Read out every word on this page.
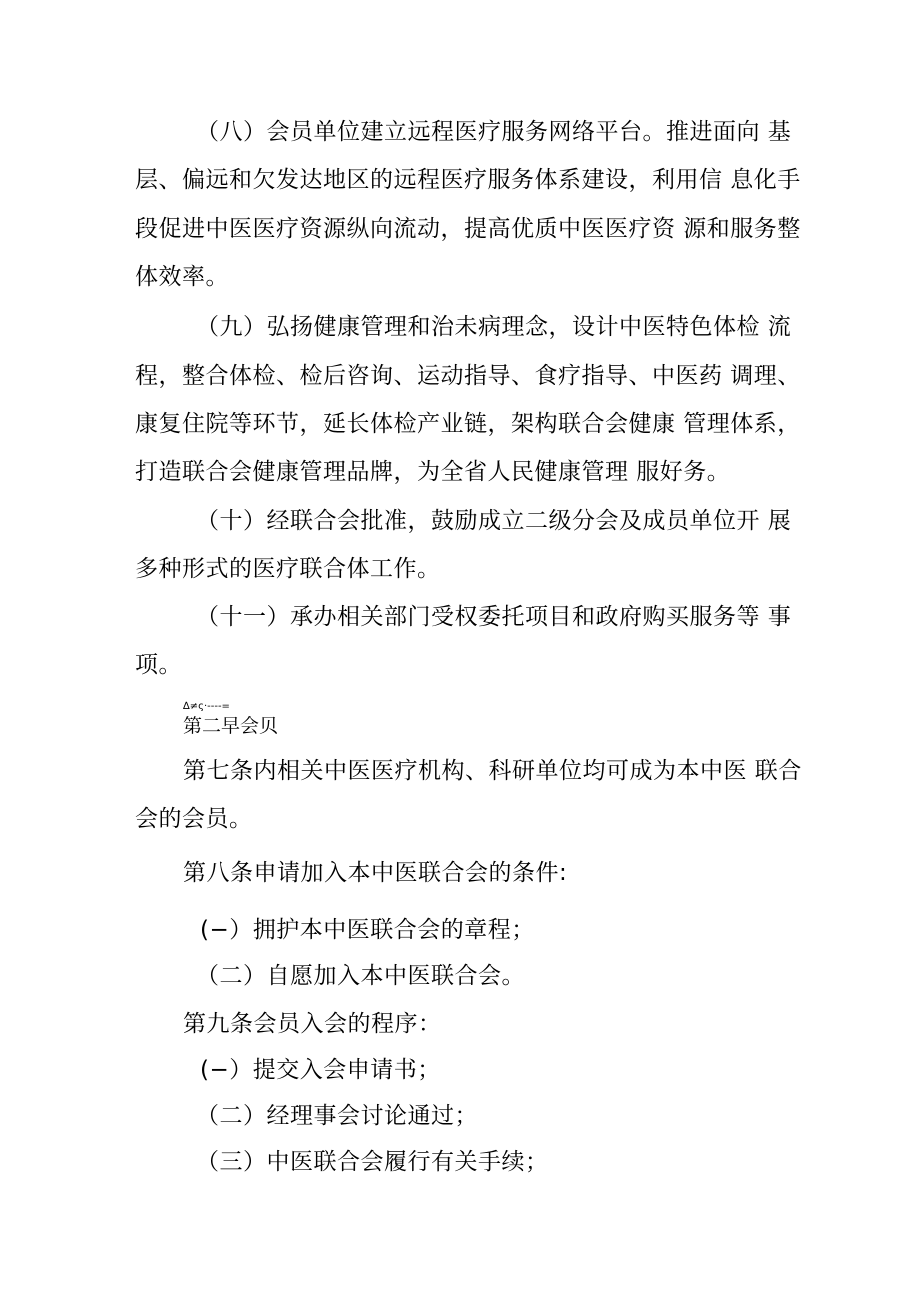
（八）会员单位建立远程医疗服务网络平台。推进面向 基
层、偏远和欠发达地区的远程医疗服务体系建设，利用信 息化手
段促进中医医疗资源纵向流动，提高优质中医医疗资 源和服务整
体效率。
（九）弘扬健康管理和治未病理念，设计中医特色体检 流
程，整合体检、检后咨询、运动指导、食疗指导、中医药 调理、
康复住院等环节，延长体检产业链，架构联合会健康 管理体系，
打造联合会健康管理品牌，为全省人民健康管理 服好务。
（十）经联合会批准，鼓励成立二级分会及成员单位开 展
多种形式的医疗联合体工作。
（十一）承办相关部门受权委托项目和政府购买服务等 事
项。
∆≠ς·----=
第二早会贝
第七条内相关中医医疗机构、科研单位均可成为本中医 联合
会的会员。
第八条申请加入本中医联合会的条件:
(−）拥护本中医联合会的章程；
（二）自愿加入本中医联合会。
第九条会员入会的程序：
(−）提交入会申请书；
（二）经理事会讨论通过；
（三）中医联合会履行有关手续；
